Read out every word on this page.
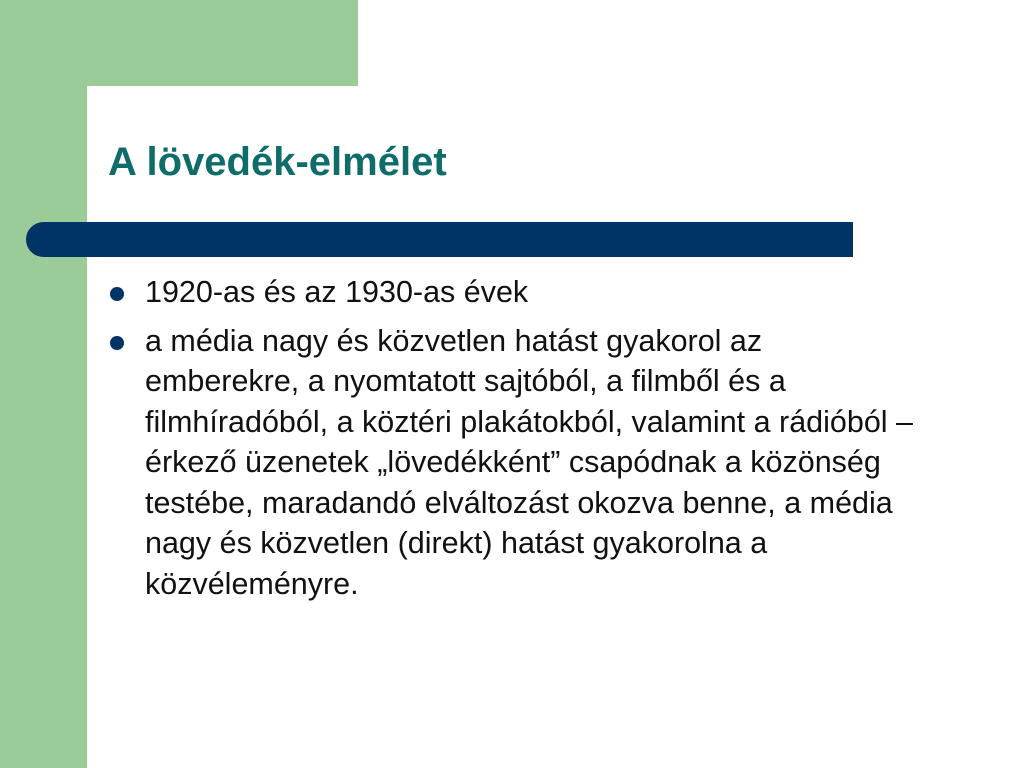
A lövedék-elmélet
1920-as és az 1930-as évek
a média nagy és közvetlen hatást gyakorol az emberekre, a nyomtatott sajtóból, a filmből és a filmhíradóból, a köztéri plakátokból, valamint a rádióból – érkező üzenetek „lövedékként” csapódnak a közönség testébe, maradandó elváltozást okozva benne, a média nagy és közvetlen (direkt) hatást gyakorolna a közvéleményre.
